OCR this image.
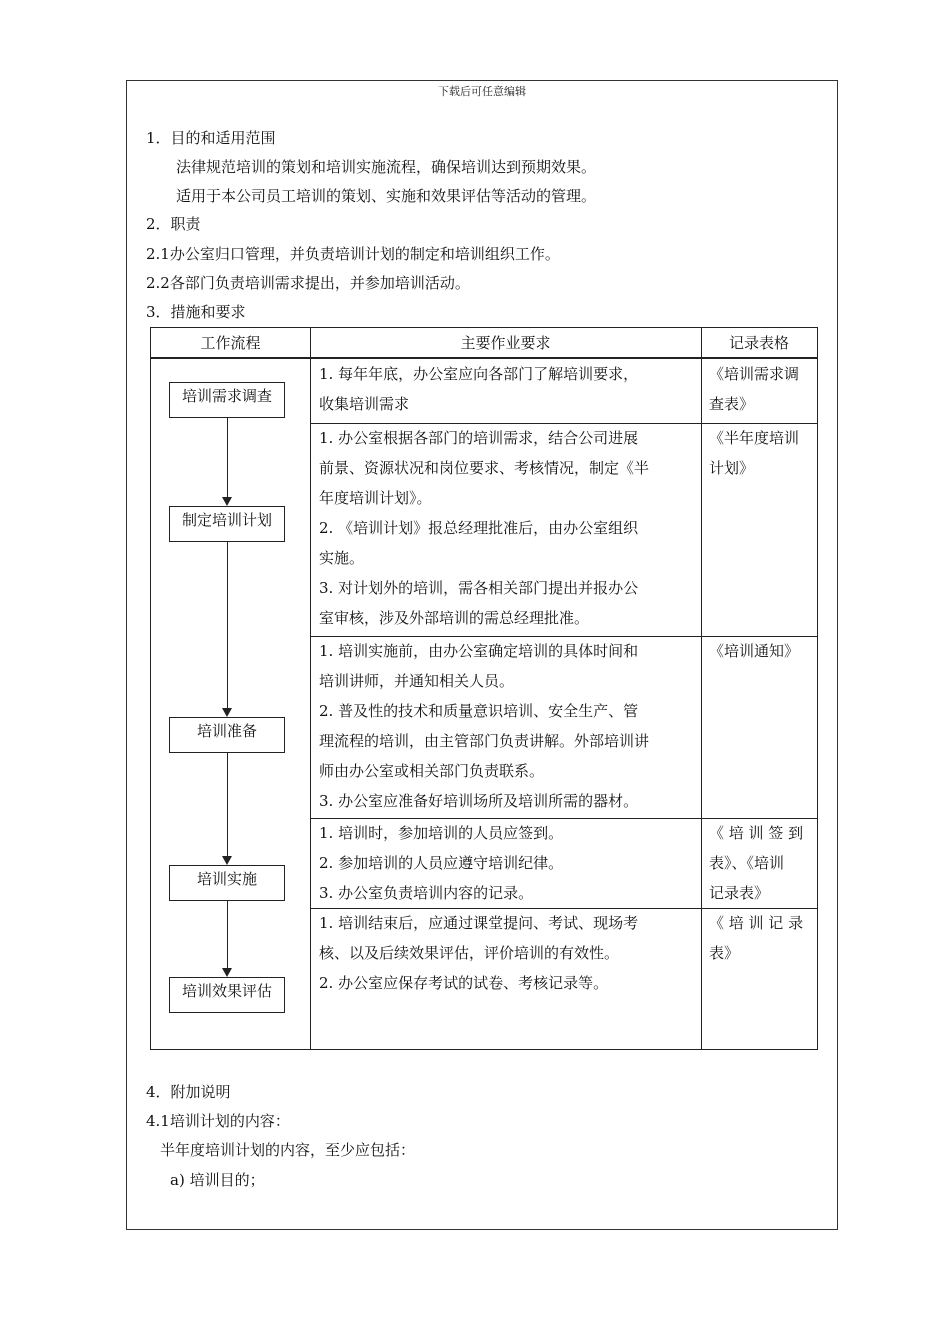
下载后可任意编辑
1．目的和适用范围
法律规范培训的策划和培训实施流程，确保培训达到预期效果。
适用于本公司员工培训的策划、实施和效果评估等活动的管理。
2．职责
2.1办公室归口管理，并负责培训计划的制定和培训组织工作。
2.2各部门负责培训需求提出，并参加培训活动。
3．措施和要求
工作流程	主要作业要求	记录表格
培训需求调查
制定培训计划
培训准备
培训实施
培训效果评估
1. 每年年底，办公室应向各部门了解培训要求，
收集培训需求
《培训需求调
查表》
1. 办公室根据各部门的培训需求，结合公司进展
前景、资源状况和岗位要求、考核情况，制定《半
年度培训计划》。
2. 《培训计划》报总经理批准后，由办公室组织
实施。
3. 对计划外的培训，需各相关部门提出并报办公
室审核，涉及外部培训的需总经理批准。
《半年度培训
计划》
1. 培训实施前，由办公室确定培训的具体时间和
培训讲师，并通知相关人员。
2. 普及性的技术和质量意识培训、安全生产、管
理流程的培训，由主管部门负责讲解。外部培训讲
师由办公室或相关部门负责联系。
3. 办公室应准备好培训场所及培训所需的器材。
《培训通知》
1. 培训时，参加培训的人员应签到。
2. 参加培训的人员应遵守培训纪律。
3. 办公室负责培训内容的记录。
《 培 训 签 到
表》、《培训
记录表》
1. 培训结束后，应通过课堂提问、考试、现场考
核、以及后续效果评估，评价培训的有效性。
2. 办公室应保存考试的试卷、考核记录等。
《 培 训 记 录
表》
4．附加说明
4.1培训计划的内容：
半年度培训计划的内容，至少应包括：
a) 培训目的；
